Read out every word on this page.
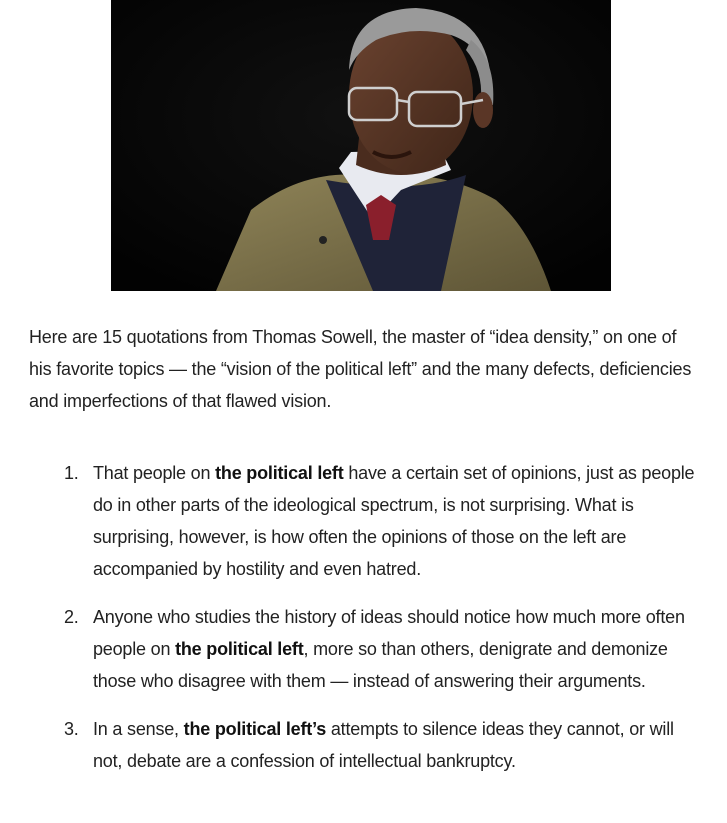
Here are 15 quotations from Thomas Sowell, the master of “idea density,” on one of his favorite topics — the “vision of the political left” and the many defects, deficiencies and imperfections of that flawed vision.

1. That people on the political left have a certain set of opinions, just as people do in other parts of the ideological spectrum, is not surprising. What is surprising, however, is how often the opinions of those on the left are accompanied by hostility and even hatred.
2. Anyone who studies the history of ideas should notice how much more often people on the political left, more so than others, denigrate and demonize those who disagree with them — instead of answering their arguments.
3. In a sense, the political left’s attempts to silence ideas they cannot, or will not, debate are a confession of intellectual bankruptcy.
